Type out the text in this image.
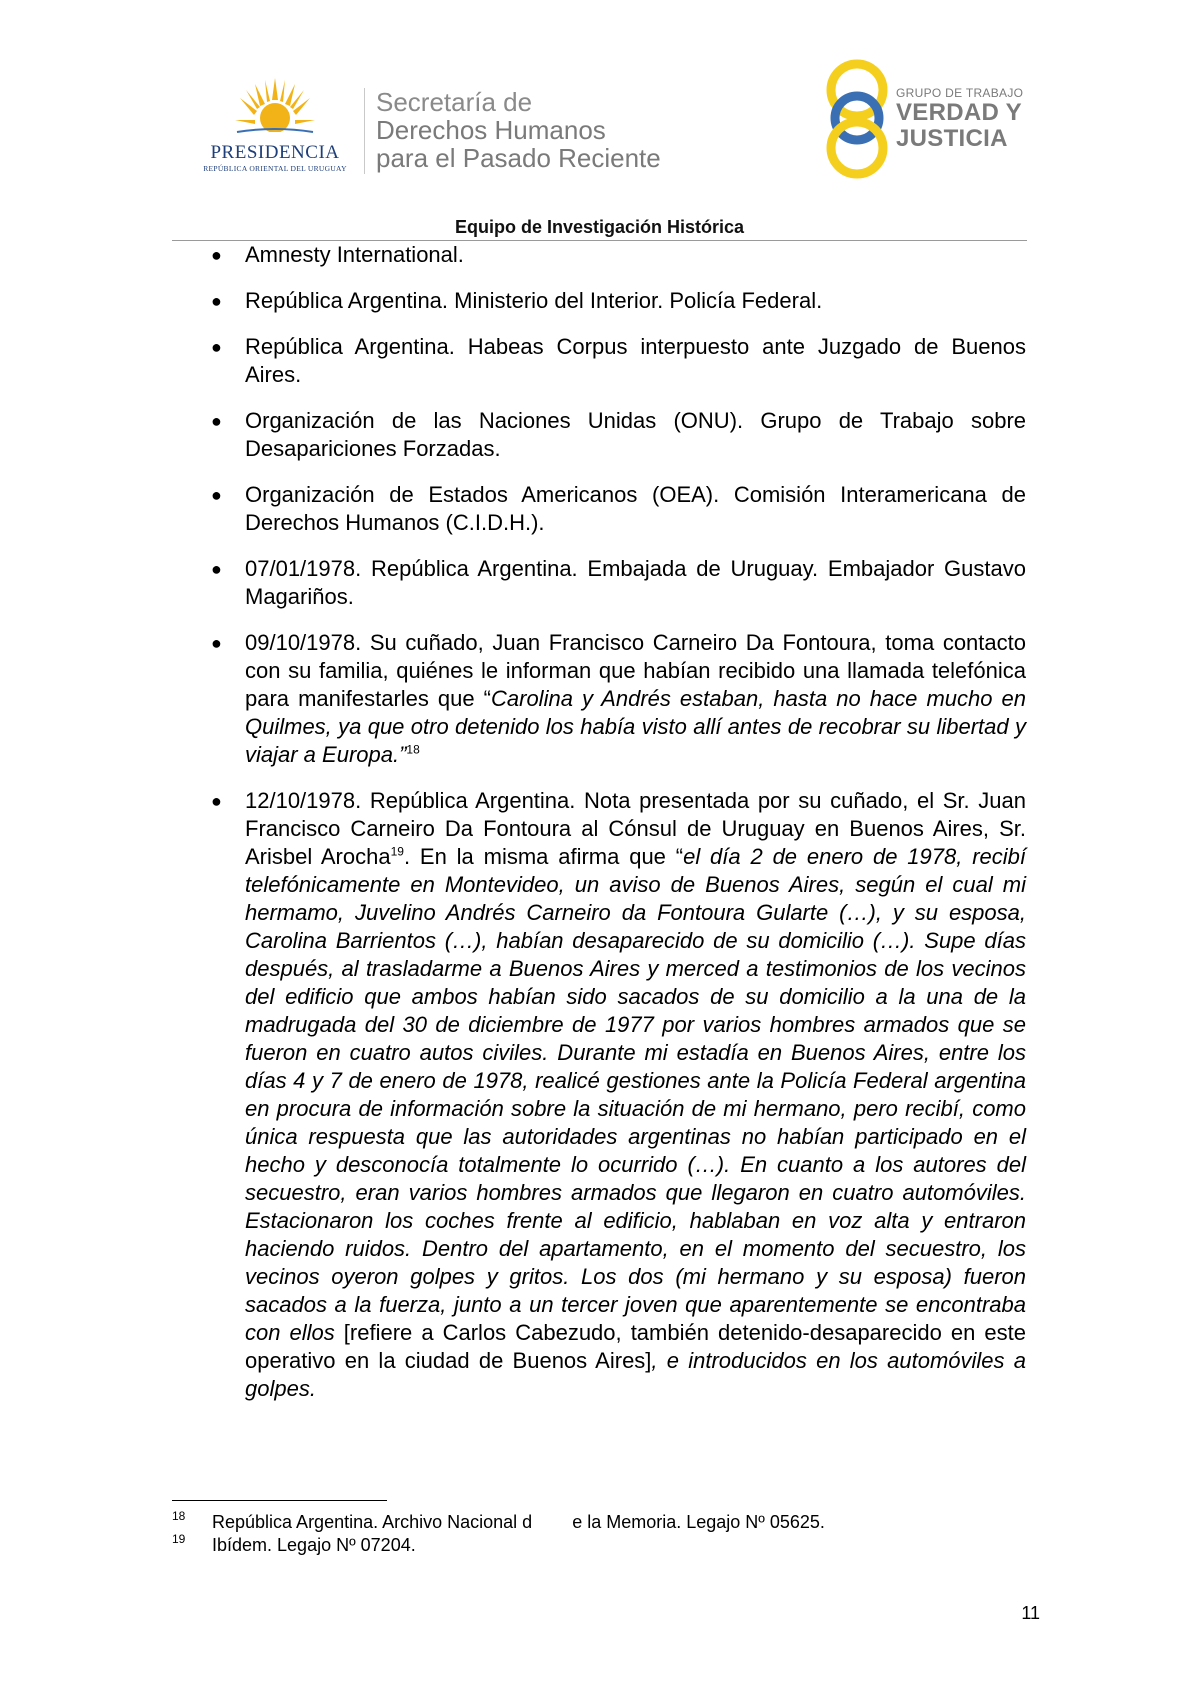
PRESIDENCIA
REPÚBLICA ORIENTAL DEL URUGUAY
Secretaría de
Derechos Humanos
para el Pasado Reciente
GRUPO DE TRABAJO
VERDAD Y
JUSTICIA
Equipo de Investigación Histórica
● Amnesty International.
● República Argentina. Ministerio del Interior. Policía Federal.
● República Argentina. Habeas Corpus interpuesto ante Juzgado de Buenos Aires.
● Organización de las Naciones Unidas (ONU). Grupo de Trabajo sobre Desapariciones Forzadas.
● Organización de Estados Americanos (OEA). Comisión Interamericana de Derechos Humanos (C.I.D.H.).
● 07/01/1978. República Argentina. Embajada de Uruguay. Embajador Gustavo Magariños.
● 09/10/1978. Su cuñado, Juan Francisco Carneiro Da Fontoura, toma contacto con su familia, quiénes le informan que habían recibido una llamada telefónica para manifestarles que “Carolina y Andrés estaban, hasta no hace mucho en Quilmes, ya que otro detenido los había visto allí antes de recobrar su libertad y viajar a Europa.”$^{18}$
● 12/10/1978. República Argentina. Nota presentada por su cuñado, el Sr. Juan Francisco Carneiro Da Fontoura al Cónsul de Uruguay en Buenos Aires, Sr. Arisbel Arocha$^{19}$. En la misma afirma que “el día 2 de enero de 1978, recibí telefónicamente en Montevideo, un aviso de Buenos Aires, según el cual mi hermamo, Juvelino Andrés Carneiro da Fontoura Gularte (…), y su esposa, Carolina Barrientos (…), habían desaparecido de su domicilio (…). Supe días después, al trasladarme a Buenos Aires y merced a testimonios de los vecinos del edificio que ambos habían sido sacados de su domicilio a la una de la madrugada del 30 de diciembre de 1977 por varios hombres armados que se fueron en cuatro autos civiles. Durante mi estadía en Buenos Aires, entre los días 4 y 7 de enero de 1978, realicé gestiones ante la Policía Federal argentina en procura de información sobre la situación de mi hermano, pero recibí, como única respuesta que las autoridades argentinas no habían participado en el hecho y desconocía totalmente lo ocurrido (…). En cuanto a los autores del secuestro, eran varios hombres armados que llegaron en cuatro automóviles. Estacionaron los coches frente al edificio, hablaban en voz alta y entraron haciendo ruidos. Dentro del apartamento, en el momento del secuestro, los vecinos oyeron golpes y gritos. Los dos (mi hermano y su esposa) fueron sacados a la fuerza, junto a un tercer joven que aparentemente se encontraba con ellos [refiere a Carlos Cabezudo, también detenido-desaparecido en este operativo en la ciudad de Buenos Aires], e introducidos en los automóviles a golpes.
18 República Argentina. Archivo Nacional d        e la Memoria. Legajo Nº 05625.
19 Ibídem. Legajo Nº 07204.
11
